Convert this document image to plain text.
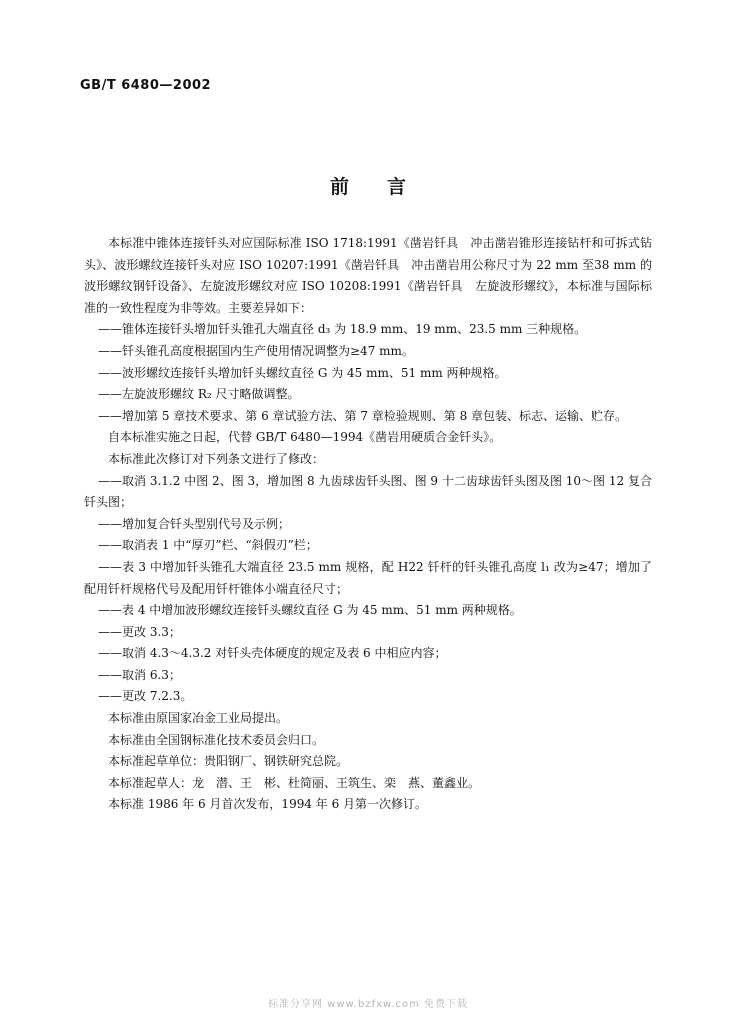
GB/T 6480—2002
前言

本标准中锥体连接钎头对应国际标准 ISO 1718:1991《凿岩钎具　冲击凿岩锥形连接钻杆和可拆式钻头》、波形螺纹连接钎头对应 ISO 10207:1991《凿岩钎具　冲击凿岩用公称尺寸为 22 mm 至38 mm 的波形螺纹钢钎设备》、左旋波形螺纹对应 ISO 10208:1991《凿岩钎具　左旋波形螺纹》，本标准与国际标准的一致性程度为非等效。主要差异如下：

——锥体连接钎头增加钎头锥孔大端直径 d₃ 为 18.9 mm、19 mm、23.5 mm 三种规格。

——钎头锥孔高度根据国内生产使用情况调整为≥47 mm。

——波形螺纹连接钎头增加钎头螺纹直径 G 为 45 mm、51 mm 两种规格。

——左旋波形螺纹 R₂ 尺寸略做调整。

——增加第 5 章技术要求、第 6 章试验方法、第 7 章检验规则、第 8 章包装、标志、运输、贮存。

自本标准实施之日起，代替 GB/T 6480—1994《凿岩用硬质合金钎头》。

本标准此次修订对下列条文进行了修改：

——取消 3.1.2 中图 2、图 3，增加图 8 九齿球齿钎头图、图 9 十二齿球齿钎头图及图 10～图 12 复合钎头图；

——增加复合钎头型别代号及示例；

——取消表 1 中“厚刃”栏、“斜假刃”栏；

——表 3 中增加钎头锥孔大端直径 23.5 mm 规格，配 H22 钎杆的钎头锥孔高度 l₁ 改为≥47；增加了配用钎杆规格代号及配用钎杆锥体小端直径尺寸；

——表 4 中增加波形螺纹连接钎头螺纹直径 G 为 45 mm、51 mm 两种规格。

——更改 3.3；

——取消 4.3～4.3.2 对钎头壳体硬度的规定及表 6 中相应内容；

——取消 6.3；

——更改 7.2.3。

本标准由原国家冶金工业局提出。

本标准由全国钢标准化技术委员会归口。

本标准起草单位：贵阳钢厂、钢铁研究总院。

本标准起草人：龙　潜、王　彬、杜简丽、王筑生、栾　燕、董鑫业。

本标准 1986 年 6 月首次发布，1994 年 6 月第一次修订。

标准分享网 www.bzfxw.com 免费下载
